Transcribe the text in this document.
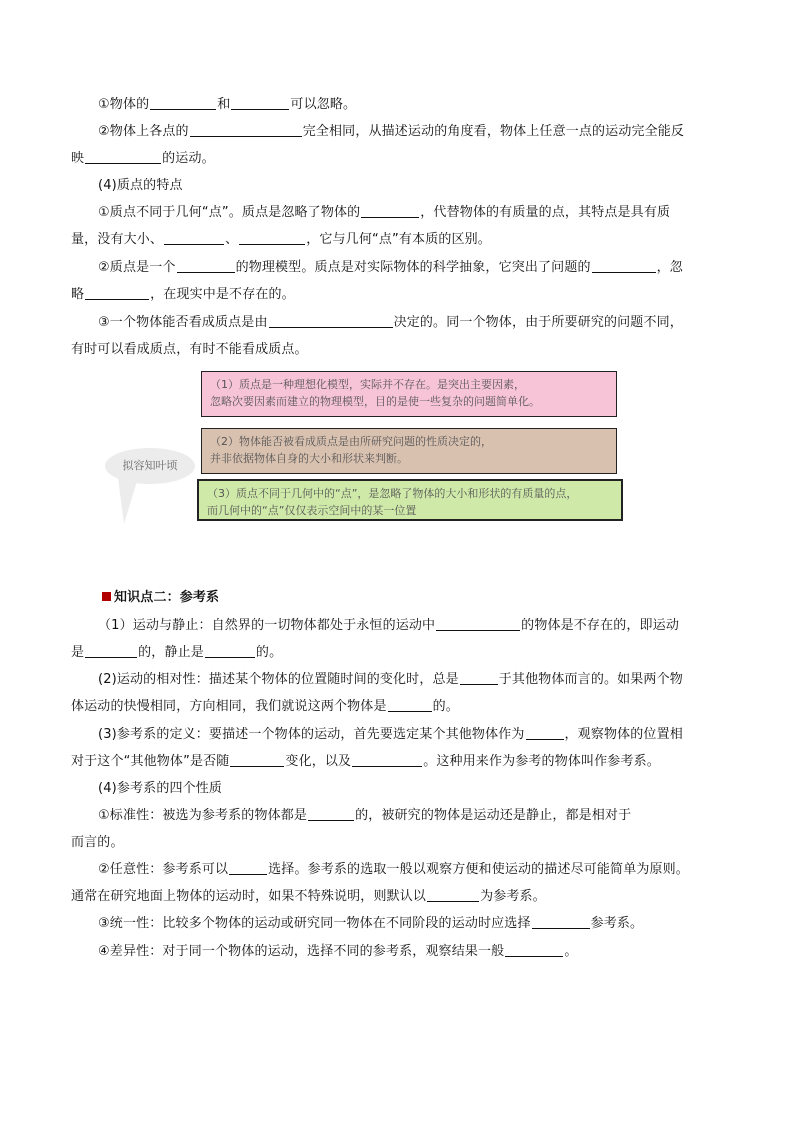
①物体的	和	可以忽略。
②物体上各点的	完全相同，从描述运动的角度看，物体上任意一点的运动完全能反
映	的运动。
(4)质点的特点
①质点不同于几何“点”。质点是忽略了物体的	，代替物体的有质量的点，其特点是具有质
量，没有大小、	、	，它与几何“点”有本质的区别。
②质点是一个	的物理模型。质点是对实际物体的科学抽象，它突出了问题的	，忽
略	，在现实中是不存在的。
③一个物体能否看成质点是由	决定的。同一个物体，由于所要研究的问题不同，
有时可以看成质点，有时不能看成质点。
（1）质点是一种理想化模型，实际并不存在。是突出主要因素，
忽略次要因素而建立的物理模型，目的是使一些复杂的问题简单化。
（2）物体能否被看成质点是由所研究问题的性质决定的，
并非依据物体自身的大小和形状来判断。
拟容知叶顷
（3）质点不同于几何中的“点”，是忽略了物体的大小和形状的有质量的点，
而几何中的“点”仅仅表示空间中的某一位置
知识点二：参考系
（1）运动与静止：自然界的一切物体都处于永恒的运动中	的物体是不存在的，即运动
是	的，静止是	的。
(2)运动的相对性：描述某个物体的位置随时间的变化时，总是	于其他物体而言的。如果两个物
体运动的快慢相同，方向相同，我们就说这两个物体是	的。
(3)参考系的定义：要描述一个物体的运动，首先要选定某个其他物体作为	，观察物体的位置相
对于这个“其他物体”是否随	变化，以及	。这种用来作为参考的物体叫作参考系。
(4)参考系的四个性质
①标准性：被选为参考系的物体都是	的，被研究的物体是运动还是静止，都是相对于
而言的。
②任意性：参考系可以	选择。参考系的选取一般以观察方便和使运动的描述尽可能简单为原则。
通常在研究地面上物体的运动时，如果不特殊说明，则默认以	为参考系。
③统一性：比较多个物体的运动或研究同一物体在不同阶段的运动时应选择	参考系。
④差异性：对于同一个物体的运动，选择不同的参考系，观察结果一般	。
